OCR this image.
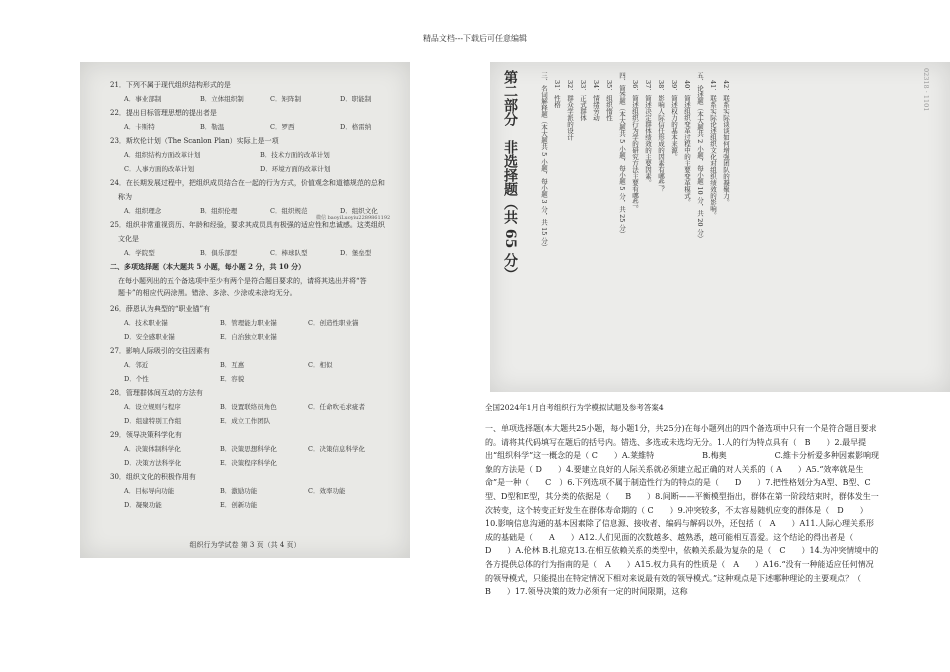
精品文档---下载后可任意编辑
21．下列不属于现代组织结构形式的是
A．事业部制	B．立体组织制	C．矩阵制	D．职能制
22．提出目标管理思想的提出者是
A．卡斯特	B．勒温	C．罗西	D．格雷纳
23．斯坎伦计划（The Scanlon Plan）实际上是一项
A．组织结构方面改革计划	B．技术方面的改革计划
C．人事方面的改革计划	D．环境方面的改革计划
24．在长期发展过程中，把组织成员结合在一起的行为方式，价值观念和道德规范的总和
称为
A．组织理念	B．组织伦理	C．组织规范	D．组织文化
25．组织非常重视资历、年龄和经验，要求其成员具有极强的适应性和忠诚感。这类组织
文化是
A．学院型	B．俱乐部型	C．棒球队型	D．堡垒型
二、多项选择题（本大题共 5 小题，每小题 2 分，共 10 分）
在每小题列出的五个备选项中至少有两个是符合题目要求的，请将其选出并将“答
题卡”的相应代码涂黑。错涂、多涂、少涂或未涂均无分。
26．薛恩认为典型的“职业锚”有
A．技术职业锚	B．管理能力职业锚	C．创造性职业锚
D．安全感职业锚	E．自治独立职业锚
27．影响人际吸引的交往因素有
A．邻近	B．互惠	C．相似
D．个性	E．容貌
28．管理群体间互动的方法有
A．设立规则与程序	B．设置联络员角色	C．任命吹毛求疵者
D．组建特别工作组	E．成立工作团队
29．领导决策科学化有
A．决策体制科学化	B．决策思想科学化	C．决策信息科学化
D．决策方法科学化	E．决策程序科学化
30．组织文化的积极作用有
A．目标导向功能	B．激励功能	C．效率功能
D．凝聚功能	E．创新功能
微信 baoyiLuoyiu2289861192
组织行为学试卷 第 3 页（共 4 页）
第二部分　非选择题（共 65 分）	02318 · 1101
三、名词解释题（本大题共 5 小题，每小题 3 分，共 15 分） 31．性格 32．群众学派的设计 33．正式群体 34．情绪劳动 35．组织惰性 四、简答题（本大题共 5 小题，每小题 5 分，共 25 分） 36．简述组织行为学的研究方法主要有哪些。 37．简述决定群体绩效的主要因素。 38．影响人际信任形成的因素有哪些？ 39．简述权力的基本来源。 40．简述组织变革过程中的主要变革模式。 五、论述题（本大题共 2 小题，每小题 10 分，共 20 分） 41．联系实际论述组织文化对组织绩效的影响。 42．联系实际谈谈如何增强团队的凝聚力。
全国2024年1月自考组织行为学模拟试题及参考答案4
一、单项选择题(本大题共25小题，每小题1分，共25分)在每小题列出的四个备选项中只有一个是符合题目要求的。请将其代码填写在题后的括号内。错选、多选或未选均无分。1.人的行为特点具有（　B　　）2.最早提出“组织科学”这一概念的是（ C　　）A.莱維特　　　　　　B.梅奥　　　　　　C.維卡分析爱多种因素影响现象的方法是（ D　　）4.要建立良好的人际关系就必须建立起正确的对人关系的（ A　　）A5.“效率就是生命”是一种（　　C　）6.下列选项不属于制造性行为的特点的是（　　D　　）7.把性格划分为A型、B型、C型、D型和E型，其分类的依据是（　　B　　）8.间断——平衡模型指出，群体在第一阶段结束时，群体发生一次转变，这个转变正好发生在群体寿命期的（ C　　）9.冲突较多，不太容易随机应变的群体是（　D　　）10.影响信息沟通的基本因素除了信息源、接收者、编码与解码以外，还包括（　A　　）A11.人际心理关系形成的基础是（　　A　　）A12.人们见面的次数越多、越熟悉，越可能相互喜爱。这个结论的得出者是（　D　　）A.伦林 B.扎琼克13.在相互依赖关系的类型中，依赖关系最为复杂的是（　C　　）14.为冲突情境中的各方提供总体的行为指南的是（　A　　）A15.权力具有的性质是（　A　　）A16.“没有一种能适应任何情况的领导模式，只能提出在特定情况下相对来说最有效的领导模式。”这种观点是下述哪种理论的主要观点？（　　B　　）17.领导决策的效力必须有一定的时间限期，这称
